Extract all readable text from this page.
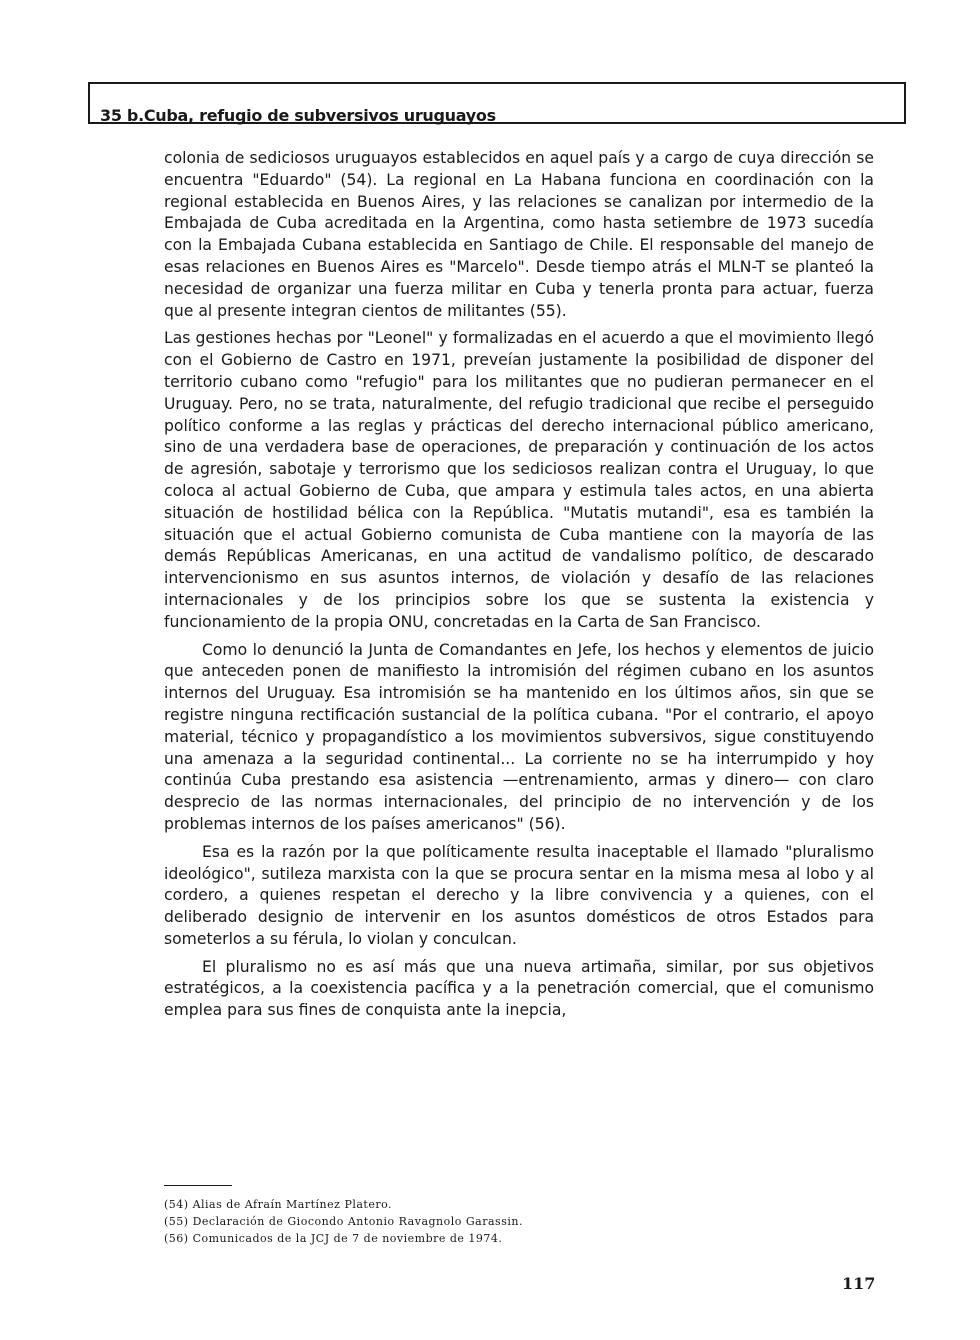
35 b.Cuba, refugio de subversivos uruguayos

colonia de sediciosos uruguayos establecidos en aquel país y a cargo de cuya dirección se encuentra "Eduardo" (54). La regional en La Habana funciona en coordinación con la regional establecida en Buenos Aires, y las relaciones se canalizan por intermedio de la Embajada de Cuba acreditada en la Argentina, como hasta setiembre de 1973 sucedía con la Embajada Cubana establecida en Santiago de Chile. El responsable del manejo de esas relaciones en Buenos Aires es "Marcelo". Desde tiempo atrás el MLN-T se planteó la necesidad de organizar una fuerza militar en Cuba y tenerla pronta para actuar, fuerza que al presente integran cientos de militantes (55).

Las gestiones hechas por "Leonel" y formalizadas en el acuerdo a que el movimiento llegó con el Gobierno de Castro en 1971, preveían justamente la posibilidad de disponer del territorio cubano como "refugio" para los militantes que no pudieran permanecer en el Uruguay. Pero, no se trata, naturalmente, del refugio tradicional que recibe el perseguido político conforme a las reglas y prácticas del derecho internacional público americano, sino de una verdadera base de operaciones, de preparación y continuación de los actos de agresión, sabotaje y terrorismo que los sediciosos realizan contra el Uruguay, lo que coloca al actual Gobierno de Cuba, que ampara y estimula tales actos, en una abierta situación de hostilidad bélica con la República. "Mutatis mutandi", esa es también la situación que el actual Gobierno comunista de Cuba mantiene con la mayoría de las demás Repúblicas Americanas, en una actitud de vandalismo político, de descarado intervencionismo en sus asuntos internos, de violación y desafío de las relaciones internacionales y de los principios sobre los que se sustenta la existencia y funcionamiento de la propia ONU, concretadas en la Carta de San Francisco.

Como lo denunció la Junta de Comandantes en Jefe, los hechos y elementos de juicio que anteceden ponen de manifiesto la intromisión del régimen cubano en los asuntos internos del Uruguay. Esa intromisión se ha mantenido en los últimos años, sin que se registre ninguna rectificación sustancial de la política cubana. "Por el contrario, el apoyo material, técnico y propagandístico a los movimientos subversivos, sigue constituyendo una amenaza a la seguridad continental... La corriente no se ha interrumpido y hoy continúa Cuba prestando esa asistencia —entrenamiento, armas y dinero— con claro desprecio de las normas internacionales, del principio de no intervención y de los problemas internos de los países americanos" (56).

Esa es la razón por la que políticamente resulta inaceptable el llamado "pluralismo ideológico", sutileza marxista con la que se procura sentar en la misma mesa al lobo y al cordero, a quienes respetan el derecho y la libre convivencia y a quienes, con el deliberado designio de intervenir en los asuntos domésticos de otros Estados para someterlos a su férula, lo violan y conculcan.

El pluralismo no es así más que una nueva artimaña, similar, por sus objetivos estratégicos, a la coexistencia pacífica y a la penetración comercial, que el comunismo emplea para sus fines de conquista ante la inepcia,

(54) Alias de Afraín Martínez Platero.
(55) Declaración de Giocondo Antonio Ravagnolo Garassin.
(56) Comunicados de la JCJ de 7 de noviembre de 1974.
117
